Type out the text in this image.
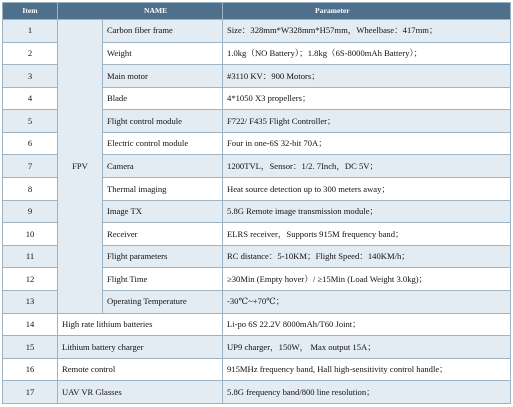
Item	NAME		Parameter
1	FPV	Carbon fiber frame	Size：328mm*W328mm*H57mm，Wheelbase：417mm；
2		Weight	1.0kg（NO Battery）；1.8kg（6S-8000mAh Battery）；
3		Main motor	#3110 KV：900 Motors；
4		Blade	4*1050 X3 propellers；
5		Flight control module	F722/ F435 Flight Controller；
6		Electric control module	Four in one-6S 32-bit 70A；
7		Camera	1200TVL，Sensor：1/2. 7Inch，DC 5V；
8		Thermal imaging	Heat source detection up to 300 meters away；
9		Image TX	5.8G Remote image transmission module；
10		Receiver	ELRS receiver，Supports 915M frequency band；
11		Flight parameters	RC distance：5-10KM；Flight Speed：140KM/h；
12		Flight Time	≥30Min (Empty hover）/ ≥15Min (Load Weight 3.0kg)；
13		Operating Temperature	-30℃~+70℃；
14	High rate lithium batteries		Li-po 6S 22.2V 8000mAh/T60 Joint；
15	Lithium battery charger		UP9 charger，150W， Max output 15A；
16	Remote control		915MHz frequency band, Hall high-sensitivity control handle；
17	UAV VR Glasses		5.8G frequency band/800 line resolution；
